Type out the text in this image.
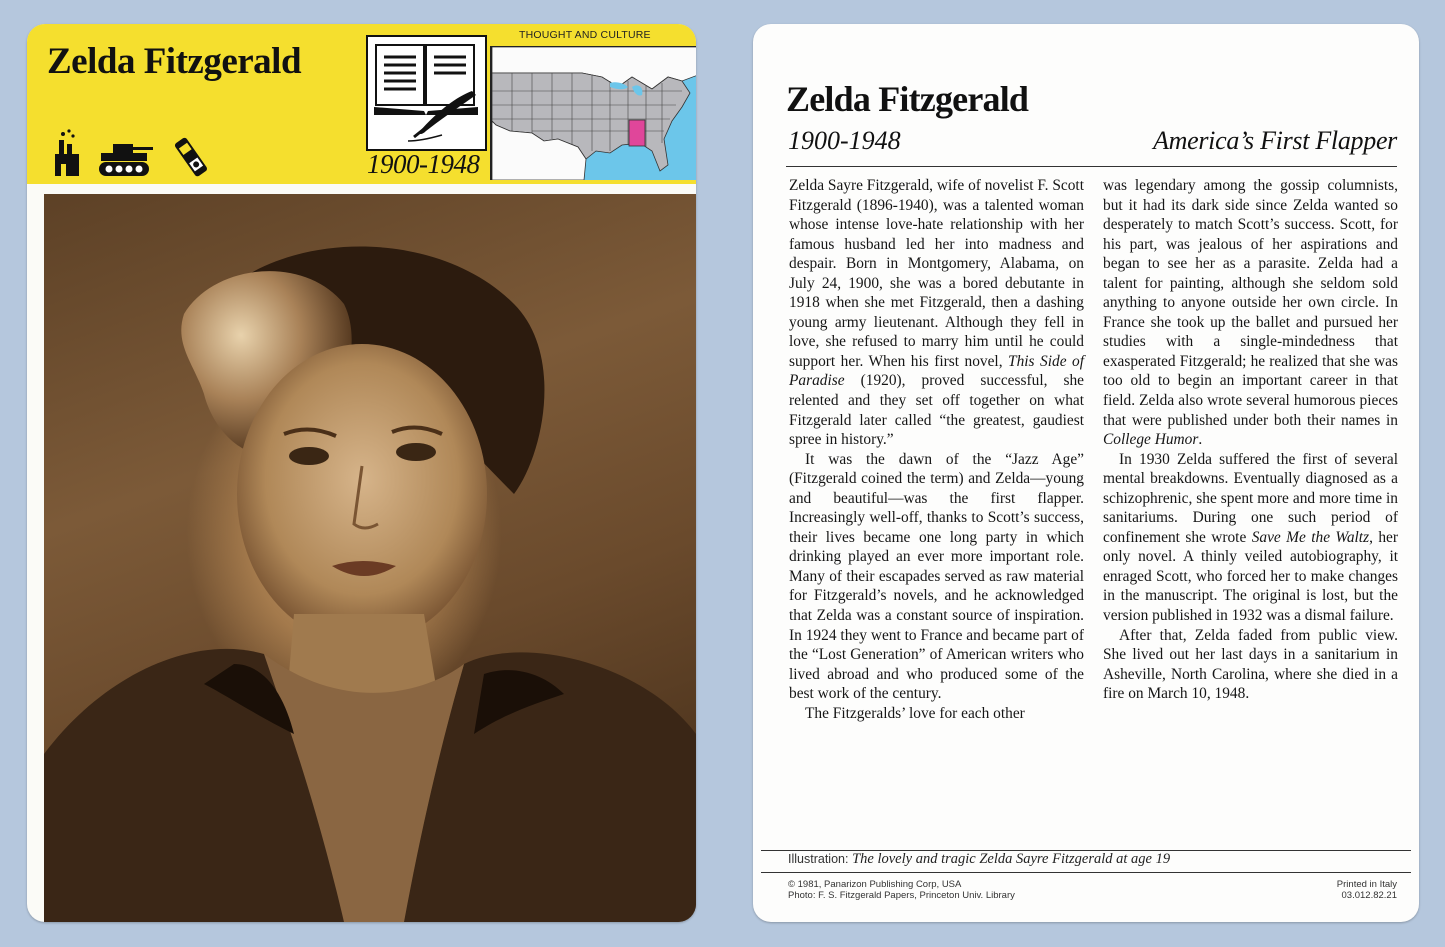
Zelda Fitzgerald
1900-1948
THOUGHT AND CULTURE
Zelda Fitzgerald
1900-1948	America’s First Flapper

Zelda Sayre Fitzgerald, wife of novelist F. Scott Fitzgerald (1896-1940), was a talented woman whose intense love-hate relationship with her famous husband led her into madness and despair. Born in Montgomery, Alabama, on July 24, 1900, she was a bored debutante in 1918 when she met Fitzgerald, then a dashing young army lieutenant. Although they fell in love, she refused to marry him until he could support her. When his first novel, This Side of Paradise (1920), proved successful, she relented and they set off together on what Fitzgerald later called “the greatest, gaudiest spree in history.”

It was the dawn of the “Jazz Age” (Fitzgerald coined the term) and Zelda—young and beautiful—was the first flapper. Increasingly well-off, thanks to Scott’s success, their lives became one long party in which drinking played an ever more important role. Many of their escapades served as raw material for Fitzgerald’s novels, and he acknowledged that Zelda was a constant source of inspiration. In 1924 they went to France and became part of the “Lost Generation” of American writers who lived abroad and who produced some of the best work of the century.

The Fitzgeralds’ love for each other

was legendary among the gossip columnists, but it had its dark side since Zelda wanted so desperately to match Scott’s success. Scott, for his part, was jealous of her aspirations and began to see her as a parasite. Zelda had a talent for painting, although she seldom sold anything to anyone outside her own circle. In France she took up the ballet and pursued her studies with a single-mindedness that exasperated Fitzgerald; he realized that she was too old to begin an important career in that field. Zelda also wrote several humorous pieces that were published under both their names in College Humor.

In 1930 Zelda suffered the first of several mental breakdowns. Eventually diagnosed as a schizophrenic, she spent more and more time in sanitariums. During one such period of confinement she wrote Save Me the Waltz, her only novel. A thinly veiled autobiography, it enraged Scott, who forced her to make changes in the manuscript. The original is lost, but the version published in 1932 was a dismal failure.

After that, Zelda faded from public view. She lived out her last days in a sanitarium in Asheville, North Carolina, where she died in a fire on March 10, 1948.

Illustration: The lovely and tragic Zelda Sayre Fitzgerald at age 19
© 1981, Panarizon Publishing Corp, USA
Photo: F. S. Fitzgerald Papers, Princeton Univ. Library
Printed in Italy
03.012.82.21
